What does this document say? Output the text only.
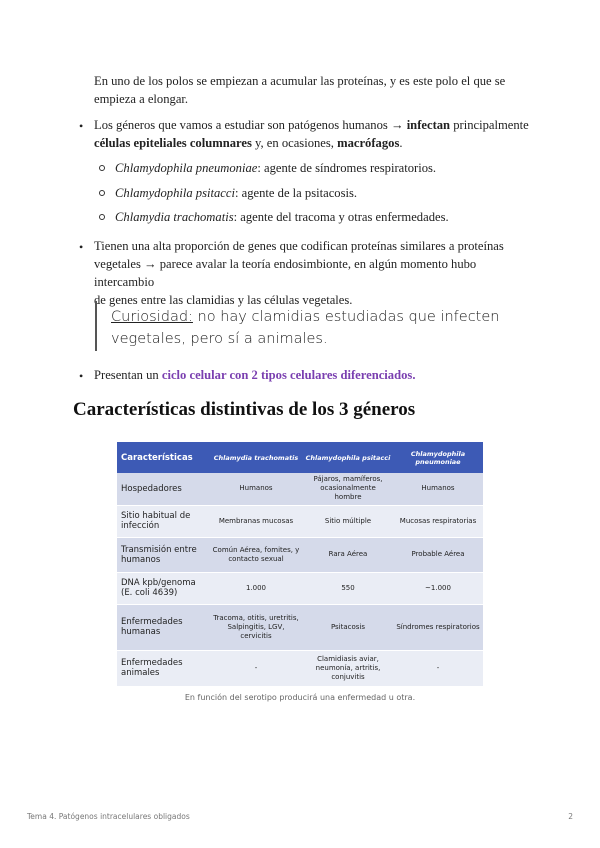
En uno de los polos se empiezan a acumular las proteínas, y es este polo el que se
empieza a elongar.
• Los géneros que vamos a estudiar son patógenos humanos → infectan principalmente
células epiteliales columnares y, en ocasiones, macrófagos.
Chlamydophila pneumoniae: agente de síndromes respiratorios.
Chlamydophila psitacci: agente de la psitacosis.
Chlamydia trachomatis: agente del tracoma y otras enfermedades.
• Tienen una alta proporción de genes que codifican proteínas similares a proteínas
vegetales → parece avalar la teoría endosimbionte, en algún momento hubo intercambio
de genes entre las clamidias y las células vegetales.
Curiosidad: no hay clamidias estudiadas que infecten vegetales, pero sí a animales.
• Presentan un ciclo celular con 2 tipos celulares diferenciados.
Características distintivas de los 3 géneros
Características	Chlamydia trachomatis	Chlamydophila psitacci	Chlamydophila pneumoniae
Hospedadores	Humanos	Pájaros, mamíferos, ocasionalmente hombre	Humanos
Sitio habitual de infección	Membranas mucosas	Sitio múltiple	Mucosas respiratorias
Transmisión entre humanos	Común Aérea, fomites, y contacto sexual	Rara Aérea	Probable Aérea
DNA kpb/genoma (E. coli 4639)	1.000	550	~1.000
Enfermedades humanas	Tracoma, otitis, uretritis, Salpingitis, LGV, cervicitis	Psitacosis	Síndromes respiratorios
Enfermedades animales	-	Clamidiasis aviar, neumonía, artritis, conjuvitis	-
En función del serotipo producirá una enfermedad u otra.
Tema 4. Patógenos intracelulares obligados	2
